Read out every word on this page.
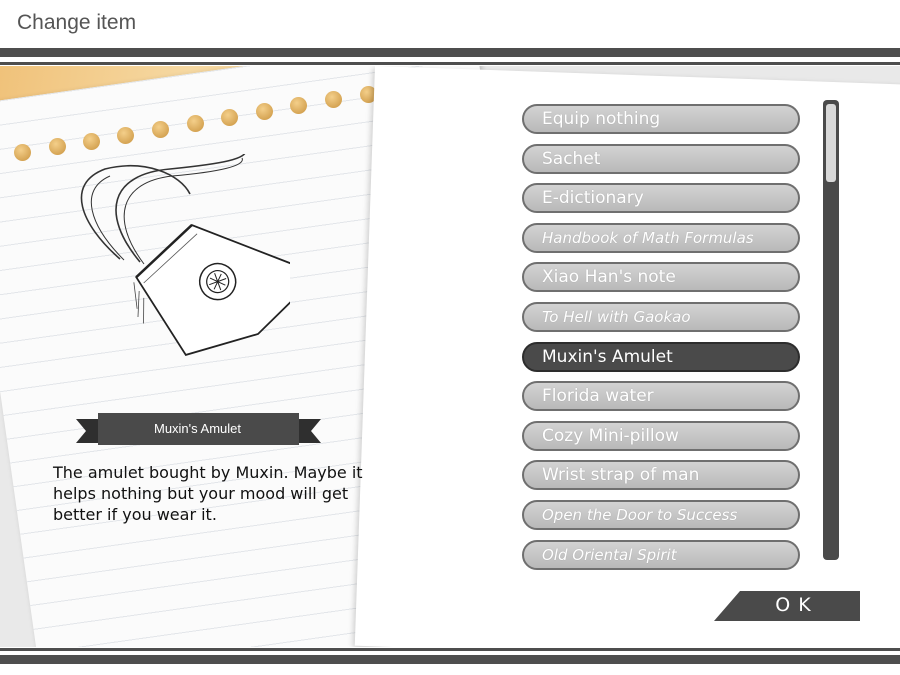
Change item
Muxin's Amulet
The amulet bought by Muxin. Maybe it helps nothing but your mood will get better if you wear it.
Equip nothing
Sachet
E-dictionary
Handbook of Math Formulas
Xiao Han's note
To Hell with Gaokao
Muxin's Amulet
Florida water
Cozy Mini-pillow
Wrist strap of man
Open the Door to Success
Old Oriental Spirit
OK
